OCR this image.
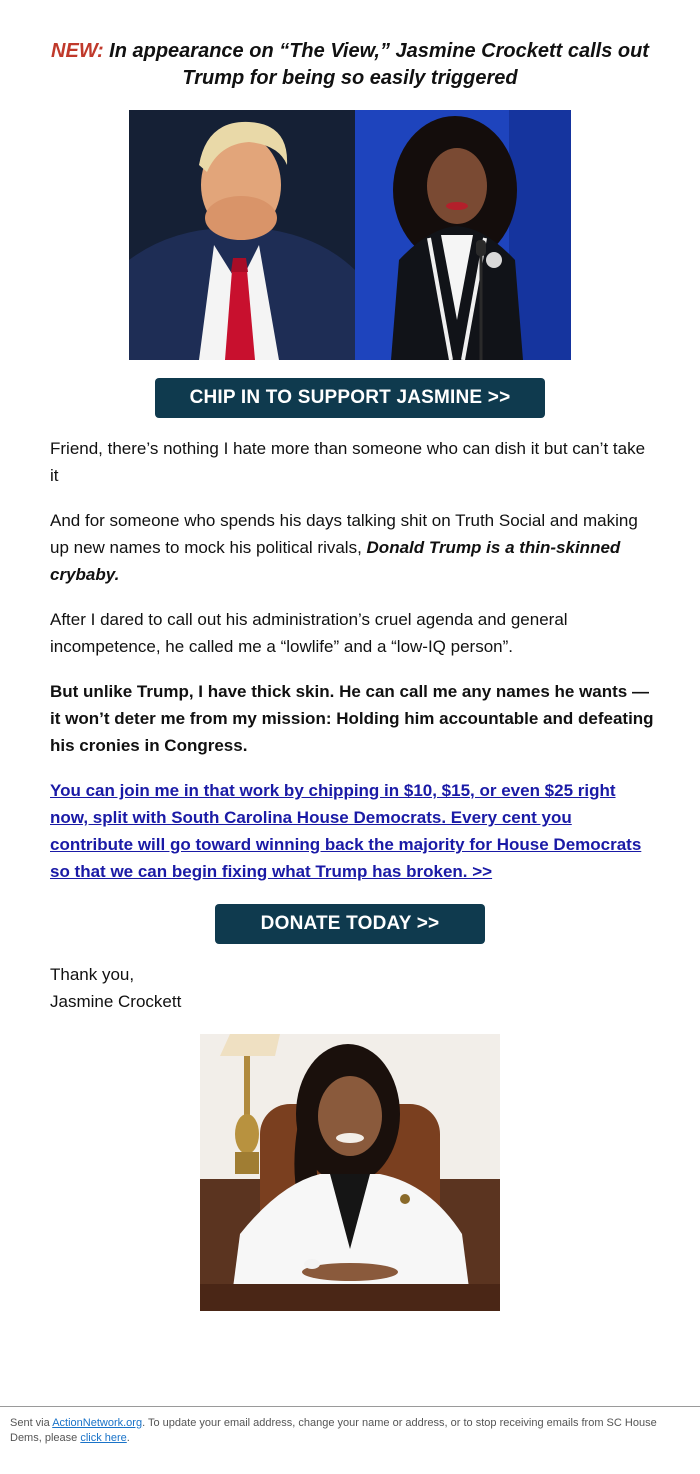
NEW: In appearance on “The View,” Jasmine Crockett calls out Trump for being so easily triggered
CHIP IN TO SUPPORT JASMINE >>

Friend, there’s nothing I hate more than someone who can dish it but can’t take it

And for someone who spends his days talking shit on Truth Social and making up new names to mock his political rivals, Donald Trump is a thin-skinned crybaby.

After I dared to call out his administration’s cruel agenda and general incompetence, he called me a “lowlife” and a “low-IQ person”.

But unlike Trump, I have thick skin. He can call me any names he wants — it won’t deter me from my mission: Holding him accountable and defeating his cronies in Congress.

You can join me in that work by chipping in $10, $15, or even $25 right now, split with South Carolina House Democrats. Every cent you contribute will go toward winning back the majority for House Democrats so that we can begin fixing what Trump has broken. >>

DONATE TODAY >>
Thank you,
Jasmine Crockett
Sent via ActionNetwork.org. To update your email address, change your name or address, or to stop receiving emails from SC House Dems, please click here.
